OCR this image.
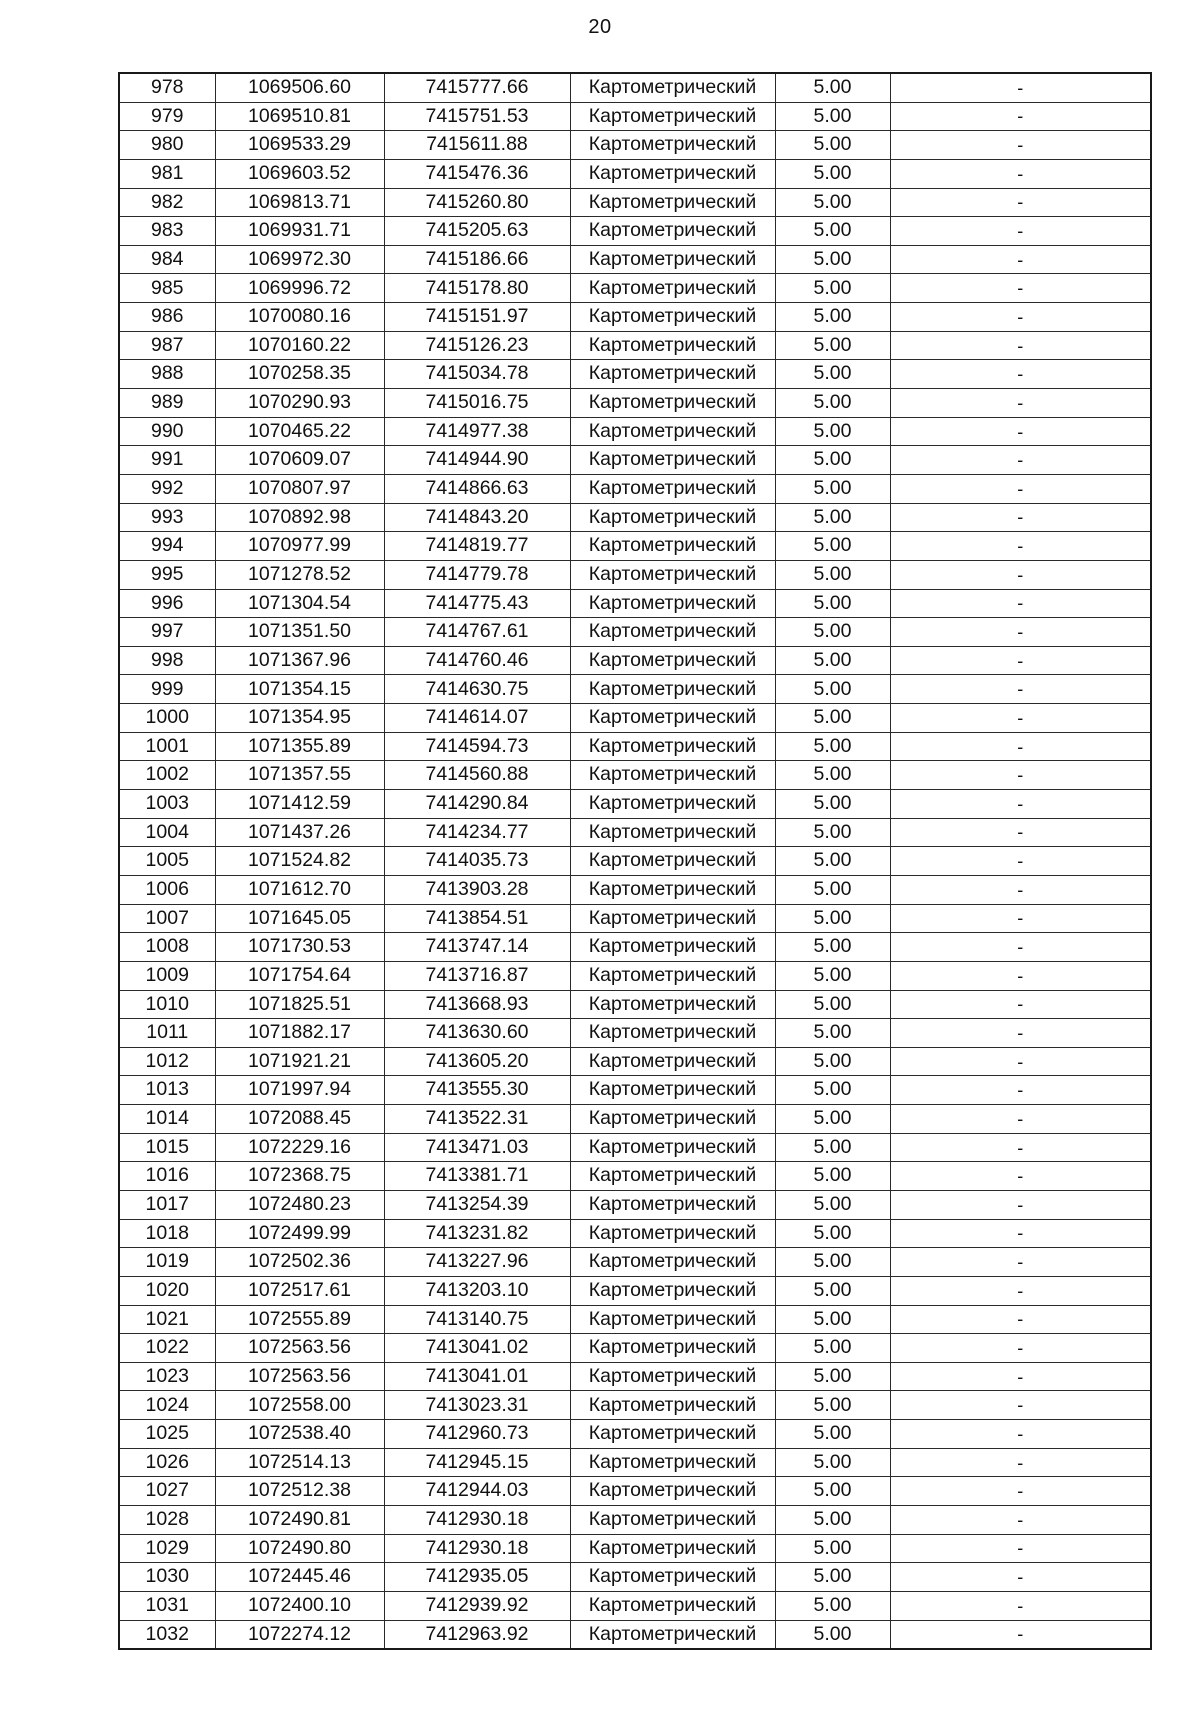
20
978	1069506.60	7415777.66	Картометрический	5.00	-
979	1069510.81	7415751.53	Картометрический	5.00	-
980	1069533.29	7415611.88	Картометрический	5.00	-
981	1069603.52	7415476.36	Картометрический	5.00	-
982	1069813.71	7415260.80	Картометрический	5.00	-
983	1069931.71	7415205.63	Картометрический	5.00	-
984	1069972.30	7415186.66	Картометрический	5.00	-
985	1069996.72	7415178.80	Картометрический	5.00	-
986	1070080.16	7415151.97	Картометрический	5.00	-
987	1070160.22	7415126.23	Картометрический	5.00	-
988	1070258.35	7415034.78	Картометрический	5.00	-
989	1070290.93	7415016.75	Картометрический	5.00	-
990	1070465.22	7414977.38	Картометрический	5.00	-
991	1070609.07	7414944.90	Картометрический	5.00	-
992	1070807.97	7414866.63	Картометрический	5.00	-
993	1070892.98	7414843.20	Картометрический	5.00	-
994	1070977.99	7414819.77	Картометрический	5.00	-
995	1071278.52	7414779.78	Картометрический	5.00	-
996	1071304.54	7414775.43	Картометрический	5.00	-
997	1071351.50	7414767.61	Картометрический	5.00	-
998	1071367.96	7414760.46	Картометрический	5.00	-
999	1071354.15	7414630.75	Картометрический	5.00	-
1000	1071354.95	7414614.07	Картометрический	5.00	-
1001	1071355.89	7414594.73	Картометрический	5.00	-
1002	1071357.55	7414560.88	Картометрический	5.00	-
1003	1071412.59	7414290.84	Картометрический	5.00	-
1004	1071437.26	7414234.77	Картометрический	5.00	-
1005	1071524.82	7414035.73	Картометрический	5.00	-
1006	1071612.70	7413903.28	Картометрический	5.00	-
1007	1071645.05	7413854.51	Картометрический	5.00	-
1008	1071730.53	7413747.14	Картометрический	5.00	-
1009	1071754.64	7413716.87	Картометрический	5.00	-
1010	1071825.51	7413668.93	Картометрический	5.00	-
1011	1071882.17	7413630.60	Картометрический	5.00	-
1012	1071921.21	7413605.20	Картометрический	5.00	-
1013	1071997.94	7413555.30	Картометрический	5.00	-
1014	1072088.45	7413522.31	Картометрический	5.00	-
1015	1072229.16	7413471.03	Картометрический	5.00	-
1016	1072368.75	7413381.71	Картометрический	5.00	-
1017	1072480.23	7413254.39	Картометрический	5.00	-
1018	1072499.99	7413231.82	Картометрический	5.00	-
1019	1072502.36	7413227.96	Картометрический	5.00	-
1020	1072517.61	7413203.10	Картометрический	5.00	-
1021	1072555.89	7413140.75	Картометрический	5.00	-
1022	1072563.56	7413041.02	Картометрический	5.00	-
1023	1072563.56	7413041.01	Картометрический	5.00	-
1024	1072558.00	7413023.31	Картометрический	5.00	-
1025	1072538.40	7412960.73	Картометрический	5.00	-
1026	1072514.13	7412945.15	Картометрический	5.00	-
1027	1072512.38	7412944.03	Картометрический	5.00	-
1028	1072490.81	7412930.18	Картометрический	5.00	-
1029	1072490.80	7412930.18	Картометрический	5.00	-
1030	1072445.46	7412935.05	Картометрический	5.00	-
1031	1072400.10	7412939.92	Картометрический	5.00	-
1032	1072274.12	7412963.92	Картометрический	5.00	-
